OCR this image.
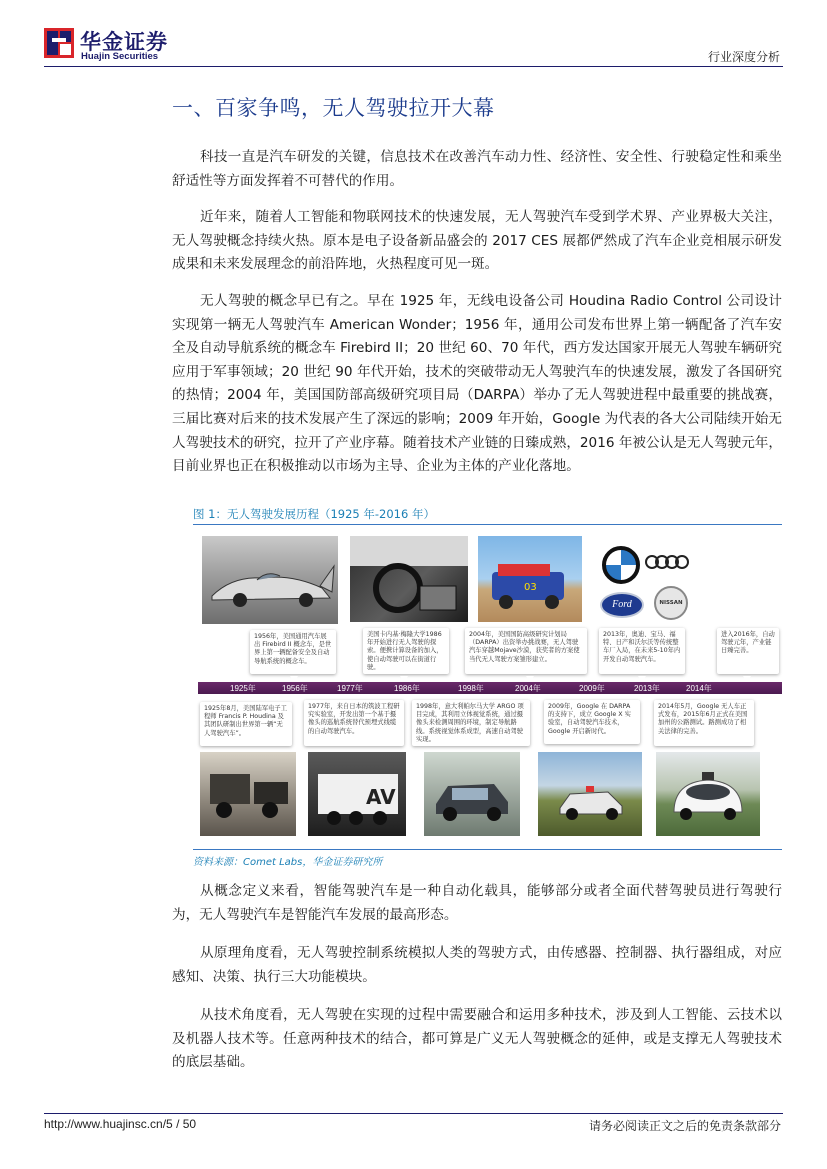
华金证券
Huajin Securities	行业深度分析
一、百家争鸣，无人驾驶拉开大幕

科技一直是汽车研发的关键，信息技术在改善汽车动力性、经济性、安全性、行驶稳定性和乘坐舒适性等方面发挥着不可替代的作用。

近年来，随着人工智能和物联网技术的快速发展，无人驾驶汽车受到学术界、产业界极大关注，无人驾驶概念持续火热。原本是电子设备新品盛会的 2017 CES 展都俨然成了汽车企业竞相展示研发成果和未来发展理念的前沿阵地，火热程度可见一斑。

无人驾驶的概念早已有之。早在 1925 年，无线电设备公司 Houdina Radio Control 公司设计实现第一辆无人驾驶汽车 American Wonder；1956 年，通用公司发布世界上第一辆配备了汽车安全及自动导航系统的概念车 Firebird II；20 世纪 60、70 年代，西方发达国家开展无人驾驶车辆研究应用于军事领域；20 世纪 90 年代开始，技术的突破带动无人驾驶汽车的快速发展，激发了各国研究的热情；2004 年，美国国防部高级研究项目局（DARPA）举办了无人驾驶进程中最重要的挑战赛，三届比赛对后来的技术发展产生了深远的影响；2009 年开始，Google 为代表的各大公司陆续开始无人驾驶技术的研究，拉开了产业序幕。随着技术产业链的日臻成熟，2016 年被公认是无人驾驶元年，目前业界也正在积极推动以市场为主导、企业为主体的产业化落地。

图 1：无人驾驶发展历程（1925 年-2016 年）
03
Ford	NISSAN
1956年，美国通用汽车展出 Firebird II 概念车，是世界上第一辆配备安全及自动导航系统的概念车。
美国卡内基·梅隆大学1986年开始进行无人驾驶的探索。便携计算设备的加入，使自动驾驶可以在街道行驶。
2004年，美国国防高级研究计划局（DARPA）出资举办挑战赛，无人驾驶汽车穿越Mojave沙漠，获奖者的方案使当代无人驾驶方案雏形建立。
2013年，奥迪、宝马、福特、日产和沃尔沃等传统整车厂入局，在未来5-10年内开发自动驾驶汽车。
进入2016年，自动驾驶元年，产业链日臻完善。
1925年	1956年	1977年	1986年	1998年	2004年	2009年	2013年	2014年
1925年8月，美国陆军电子工程师 Francis P. Houdina 及其团队研制出世界第一辆“无人驾驶汽车”。
1977年，来自日本的筑波工程研究实验室，开发出第一个基于摄像头的巡航系统替代预埋式线缆的自动驾驶汽车。
1998年，意大利帕尔马大学 ARGO 项目完成，其利用立体视觉系统，通过摄像头来检测周围的环境，制定导航路线。系统视觉体系成型，高速自动驾驶实现。
2009年，Google 在 DARPA 的支持下，成立 Google X 实验室，自动驾驶汽车技术，Google 开启新时代。
2014年5月，Google 无人车正式发布，2015年6月正式在美国加州的公路测试。路测成功了相关法律的完善。
AV
资料来源：Comet Labs，华金证券研究所

从概念定义来看，智能驾驶汽车是一种自动化载具，能够部分或者全面代替驾驶员进行驾驶行为，无人驾驶汽车是智能汽车发展的最高形态。

从原理角度看，无人驾驶控制系统模拟人类的驾驶方式，由传感器、控制器、执行器组成，对应感知、决策、执行三大功能模块。

从技术角度看，无人驾驶在实现的过程中需要融合和运用多种技术，涉及到人工智能、云技术以及机器人技术等。任意两种技术的结合，都可算是广义无人驾驶概念的延伸，或是支撑无人驾驶技术的底层基础。

http://www.huajinsc.cn/5 / 50	请务必阅读正文之后的免责条款部分
